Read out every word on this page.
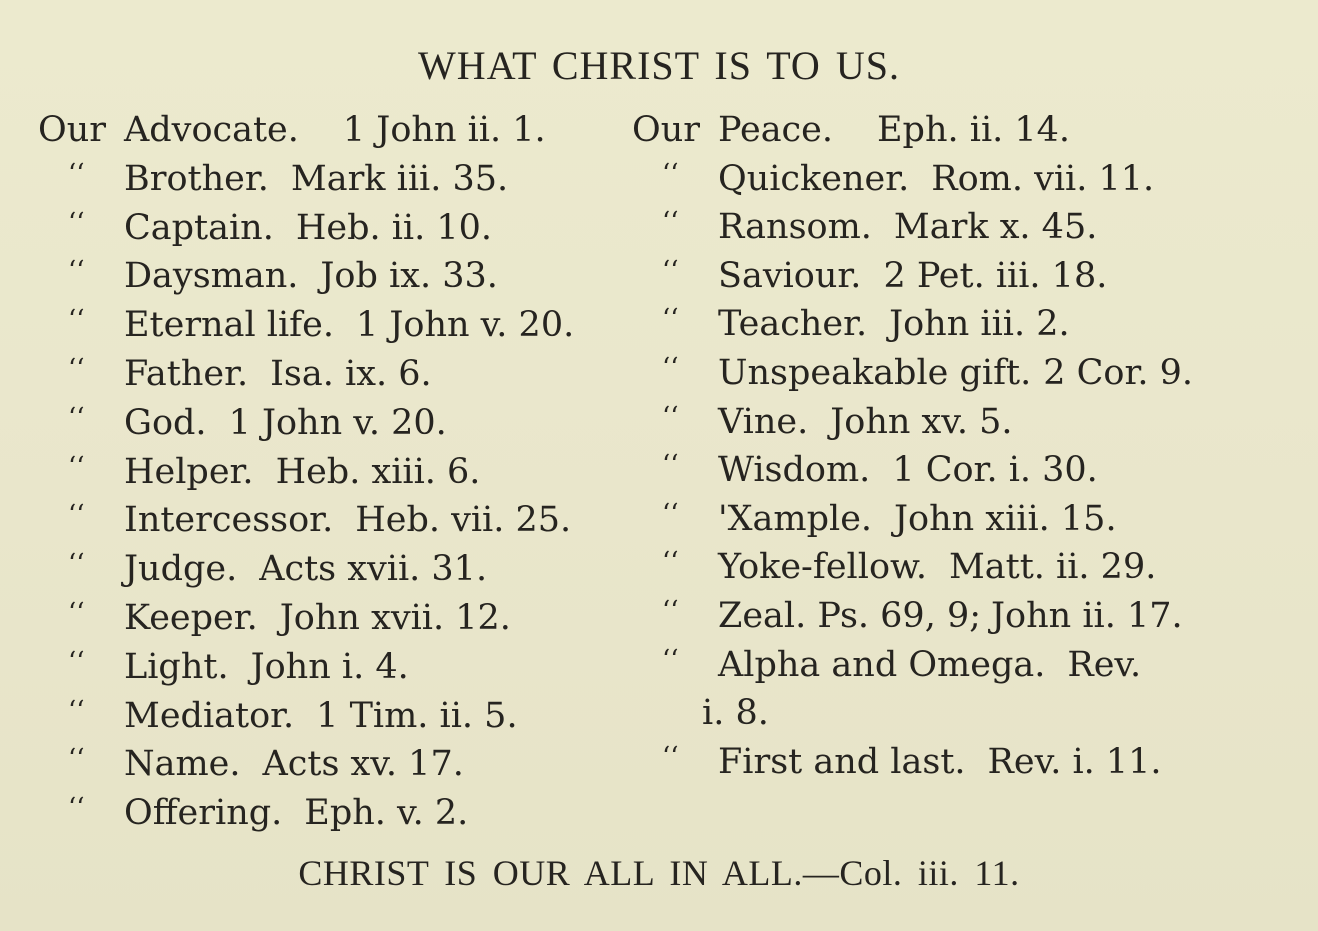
WHAT CHRIST IS TO US.
Our Advocate. 1 John ii. 1.
‘‘	Brother. Mark iii. 35.
‘‘	Captain. Heb. ii. 10.
‘‘	Daysman. Job ix. 33.
‘‘	Eternal life. 1 John v. 20.
‘‘	Father. Isa. ix. 6.
‘‘	God. 1 John v. 20.
‘‘	Helper. Heb. xiii. 6.
‘‘	Intercessor. Heb. vii. 25.
‘‘	Judge. Acts xvii. 31.
‘‘	Keeper. John xvii. 12.
‘‘	Light. John i. 4.
‘‘	Mediator. 1 Tim. ii. 5.
‘‘	Name. Acts xv. 17.
‘‘	Offering. Eph. v. 2.
Our Peace. Eph. ii. 14.
‘‘	Quickener. Rom. vii. 11.
‘‘	Ransom. Mark x. 45.
‘‘	Saviour. 2 Pet. iii. 18.
‘‘	Teacher. John iii. 2.
‘‘	Unspeakable gift. 2 Cor. 9.
‘‘	Vine. John xv. 5.
‘‘	Wisdom. 1 Cor. i. 30.
‘‘	'Xample. John xiii. 15.
‘‘	Yoke-fellow. Matt. ii. 29.
‘‘	Zeal. Ps. 69, 9; John ii. 17.
‘‘	Alpha and Omega. Rev.
i. 8.
‘‘	First and last. Rev. i. 11.
CHRIST IS OUR ALL IN ALL.—Col. iii. 11.
